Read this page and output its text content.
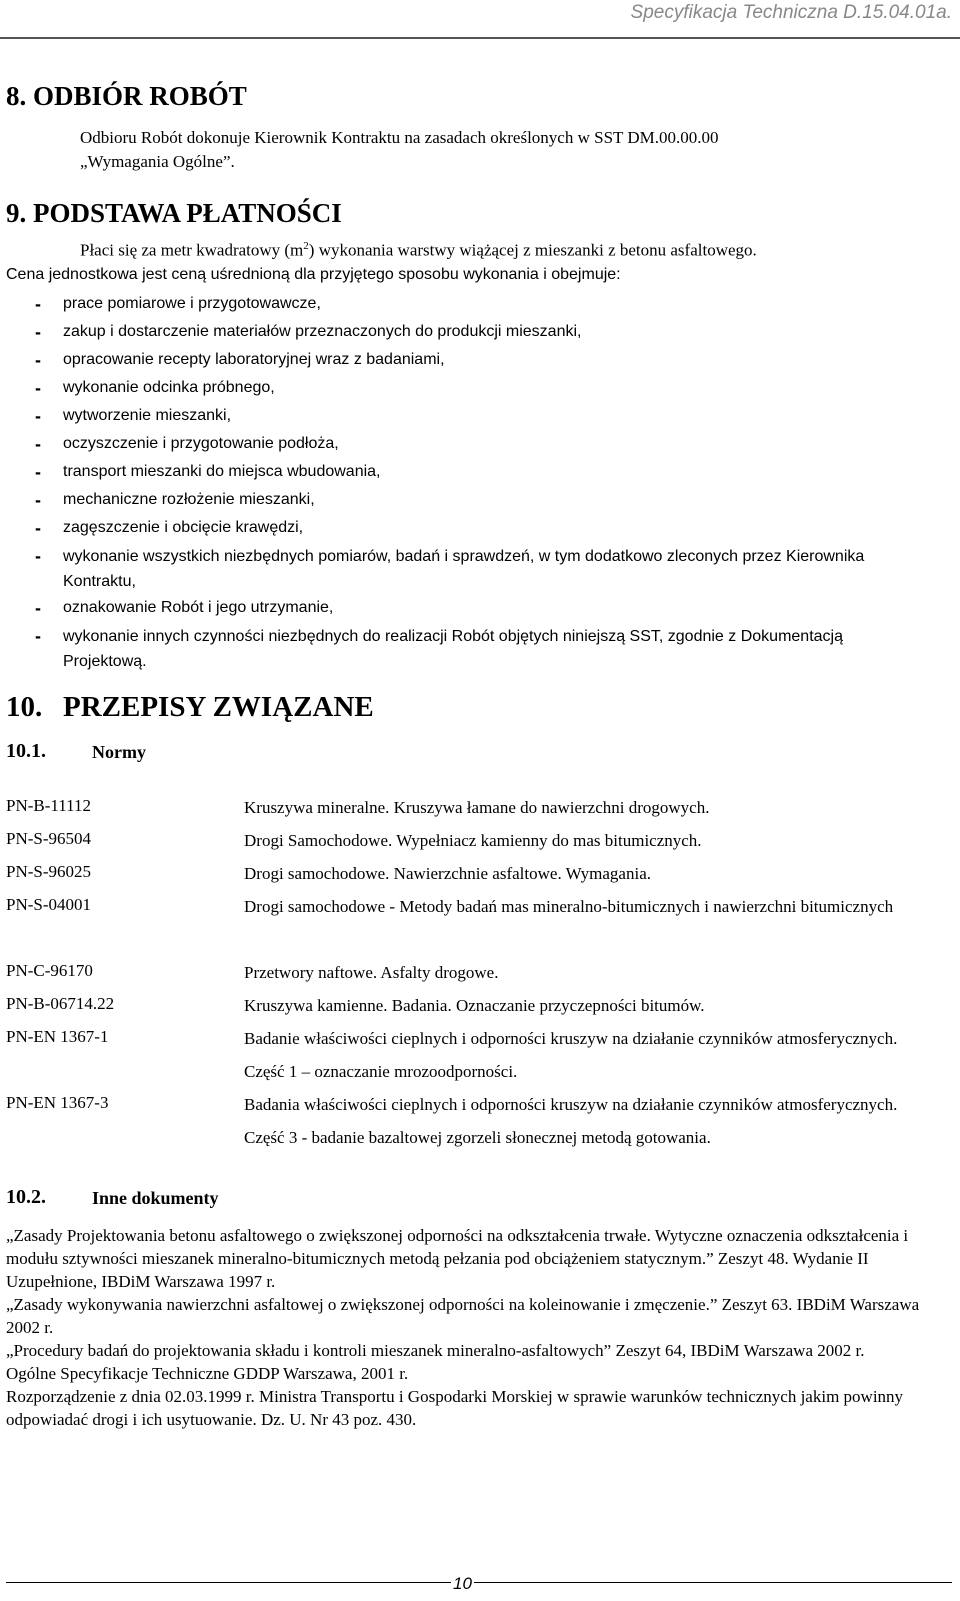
Specyfikacja Techniczna D.15.04.01a.
8. ODBIÓR ROBÓT
Odbioru Robót dokonuje Kierownik Kontraktu na zasadach określonych w SST DM.00.00.00
„Wymagania Ogólne”.
9. PODSTAWA PŁATNOŚCI
Płaci się za metr kwadratowy $(m^2)$ wykonania warstwy wiążącej z mieszanki z betonu asfaltowego.
Cena jednostkowa jest ceną uśrednioną dla przyjętego sposobu wykonania i obejmuje:
-	prace pomiarowe i przygotowawcze,
-	zakup i dostarczenie materiałów przeznaczonych do produkcji mieszanki,
-	opracowanie recepty laboratoryjnej wraz z badaniami,
-	wykonanie odcinka próbnego,
-	wytworzenie mieszanki,
-	oczyszczenie i przygotowanie podłoża,
-	transport mieszanki do miejsca wbudowania,
-	mechaniczne rozłożenie mieszanki,
-	zagęszczenie i obcięcie krawędzi,
-	wykonanie wszystkich niezbędnych pomiarów, badań i sprawdzeń, w tym dodatkowo zleconych przez Kierownika Kontraktu,
-	oznakowanie Robót i jego utrzymanie,
-	wykonanie innych czynności niezbędnych do realizacji Robót objętych niniejszą SST, zgodnie z Dokumentacją Projektową.
10. PRZEPISY ZWIĄZANE
10.1.	Normy
PN-B-11112	Kruszywa mineralne. Kruszywa łamane do nawierzchni drogowych.
PN-S-96504	Drogi Samochodowe. Wypełniacz kamienny do mas bitumicznych.
PN-S-96025	Drogi samochodowe. Nawierzchnie asfaltowe. Wymagania.
PN-S-04001	Drogi samochodowe - Metody badań mas mineralno-bitumicznych i nawierzchni bitumicznych
PN-C-96170	Przetwory naftowe. Asfalty drogowe.
PN-B-06714.22	Kruszywa kamienne. Badania. Oznaczanie przyczepności bitumów.
PN-EN 1367-1	Badanie właściwości cieplnych i odporności kruszyw na działanie czynników atmosferycznych. Część 1 – oznaczanie mrozoodporności.
PN-EN 1367-3	Badania właściwości cieplnych i odporności kruszyw na działanie czynników atmosferycznych. Część 3 - badanie bazaltowej zgorzeli słonecznej metodą gotowania.
10.2.	Inne dokumenty

„Zasady Projektowania betonu asfaltowego o zwiększonej odporności na odkształcenia trwałe. Wytyczne oznaczenia odkształcenia i modułu sztywności mieszanek mineralno-bitumicznych metodą pełzania pod obciążeniem statycznym.” Zeszyt 48. Wydanie II Uzupełnione, IBDiM Warszawa 1997 r.

„Zasady wykonywania nawierzchni asfaltowej o zwiększonej odporności na koleinowanie i zmęczenie.” Zeszyt 63. IBDiM Warszawa 2002 r.

„Procedury badań do projektowania składu i kontroli mieszanek mineralno-asfaltowych” Zeszyt 64, IBDiM Warszawa 2002 r.

Ogólne Specyfikacje Techniczne GDDP Warszawa, 2001 r.

Rozporządzenie z dnia 02.03.1999 r. Ministra Transportu i Gospodarki Morskiej w sprawie warunków technicznych jakim powinny odpowiadać drogi i ich usytuowanie. Dz. U. Nr 43 poz. 430.

10
